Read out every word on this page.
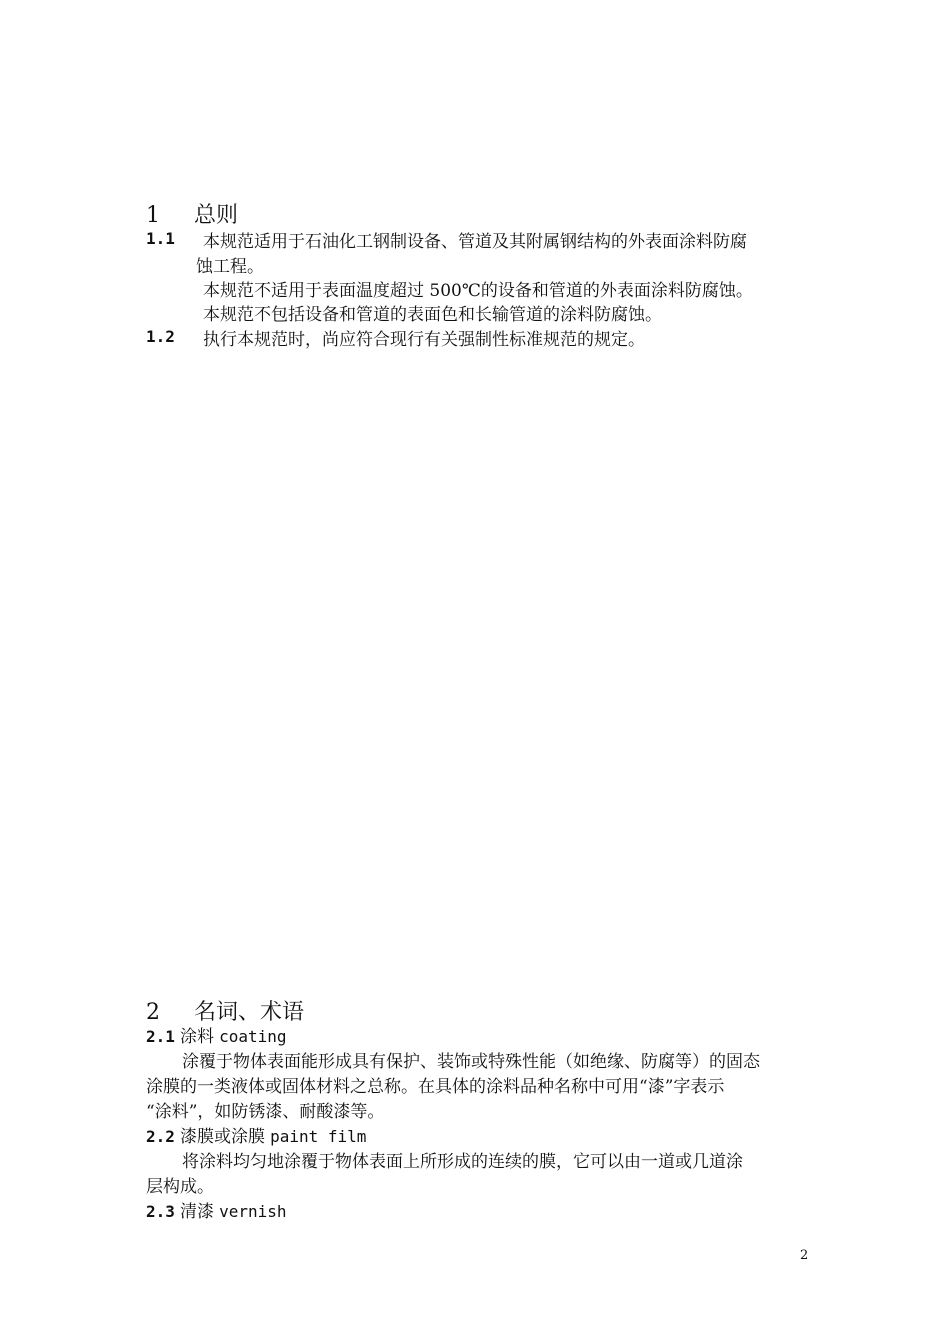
1 总则
1.1 本规范适用于石油化工钢制设备、管道及其附属钢结构的外表面涂料防腐
蚀工程。
本规范不适用于表面温度超过 500℃的设备和管道的外表面涂料防腐蚀。
本规范不包括设备和管道的表面色和长输管道的涂料防腐蚀。
1.2 执行本规范时，尚应符合现行有关强制性标准规范的规定。
2 名词、术语
2.1 涂料 coating
涂覆于物体表面能形成具有保护、装饰或特殊性能（如绝缘、防腐等）的固态
涂膜的一类液体或固体材料之总称。在具体的涂料品种名称中可用“漆”字表示
“涂料”，如防锈漆、耐酸漆等。
2.2 漆膜或涂膜 paint film
将涂料均匀地涂覆于物体表面上所形成的连续的膜，它可以由一道或几道涂
层构成。
2.3 清漆 vernish
2
